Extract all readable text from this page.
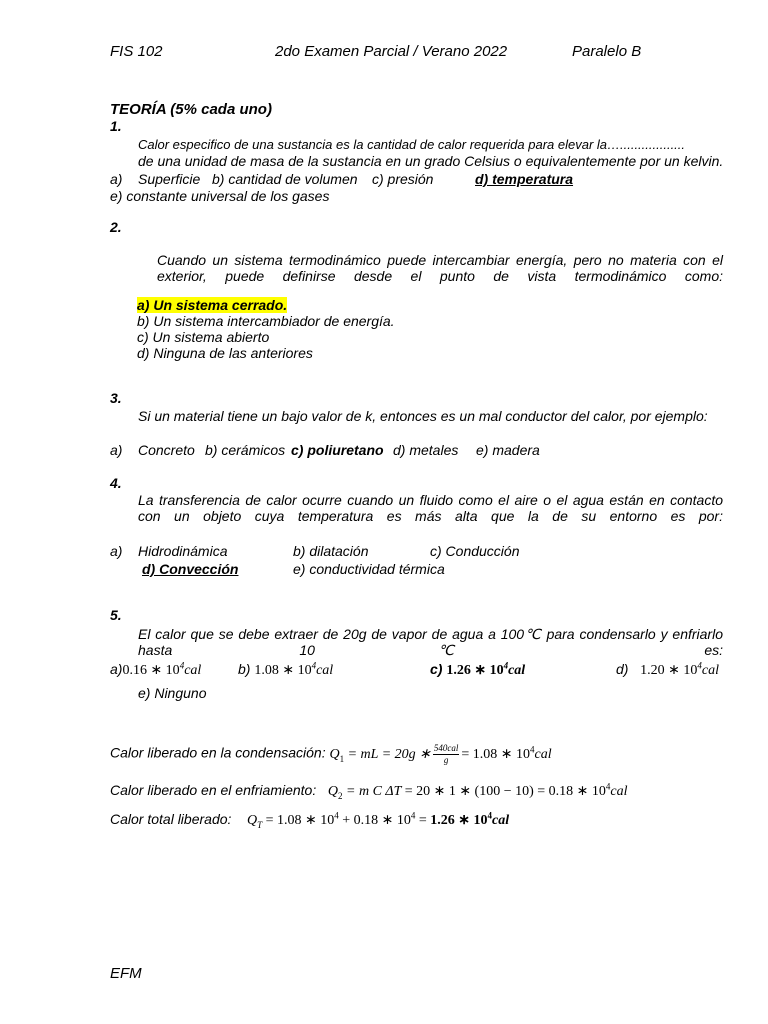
FIS 102	2do Examen Parcial / Verano 2022	Paralelo B
TEORÍA (5% cada uno)
1.
Calor especifico de una sustancia es la cantidad de calor requerida para elevar la…..................
de una unidad de masa de la sustancia en un grado Celsius o equivalentemente por un kelvin.
a) Superficie b) cantidad de volumen c) presión	d) temperatura
e) constante universal de los gases
2.
Cuando un sistema termodinámico puede intercambiar energía, pero no materia con el exterior, puede definirse desde el punto de vista termodinámico como:
a) Un sistema cerrado.
b) Un sistema intercambiador de energía.
c) Un sistema abierto
d) Ninguna de las anteriores
3.
Si un material tiene un bajo valor de k, entonces es un mal conductor del calor, por ejemplo:
a) Concreto b) cerámicos c) poliuretano d) metales e) madera
4.
La transferencia de calor ocurre cuando un fluido como el aire o el agua están en contacto con un objeto cuya temperatura es más alta que la de su entorno es por:
a) Hidrodinámica	b) dilatación	c) Conducción
d) Convección	e) conductividad térmica
5.
El calor que se debe extraer de 20g de vapor de agua a 100℃ para condensarlo y enfriarlo hasta 10℃ es:
a)0.16 ∗ $10^4cal$	b) 1.08 ∗ $10^4cal$	c) 1.26 ∗ $10^4cal$	d) 1.20 ∗ $10^4cal$
e) Ninguno
Calor liberado en la condensación: $Q_1$ = mL = 20g ∗ $\frac{\text{540cal}}{g} = 1.08$ ∗ $10^4cal$
Calor liberado en el enfriamiento: $Q_2 = m$ C ΔT = 20 ∗ 1 ∗ (100 − 10) = 0.18 ∗ $10^4cal$
Calor total liberado: $Q_T = 1.08$ ∗ $10^4 + 0.18$ ∗ $10^4 = 1.26$ ∗ $10^4cal$
EFM
